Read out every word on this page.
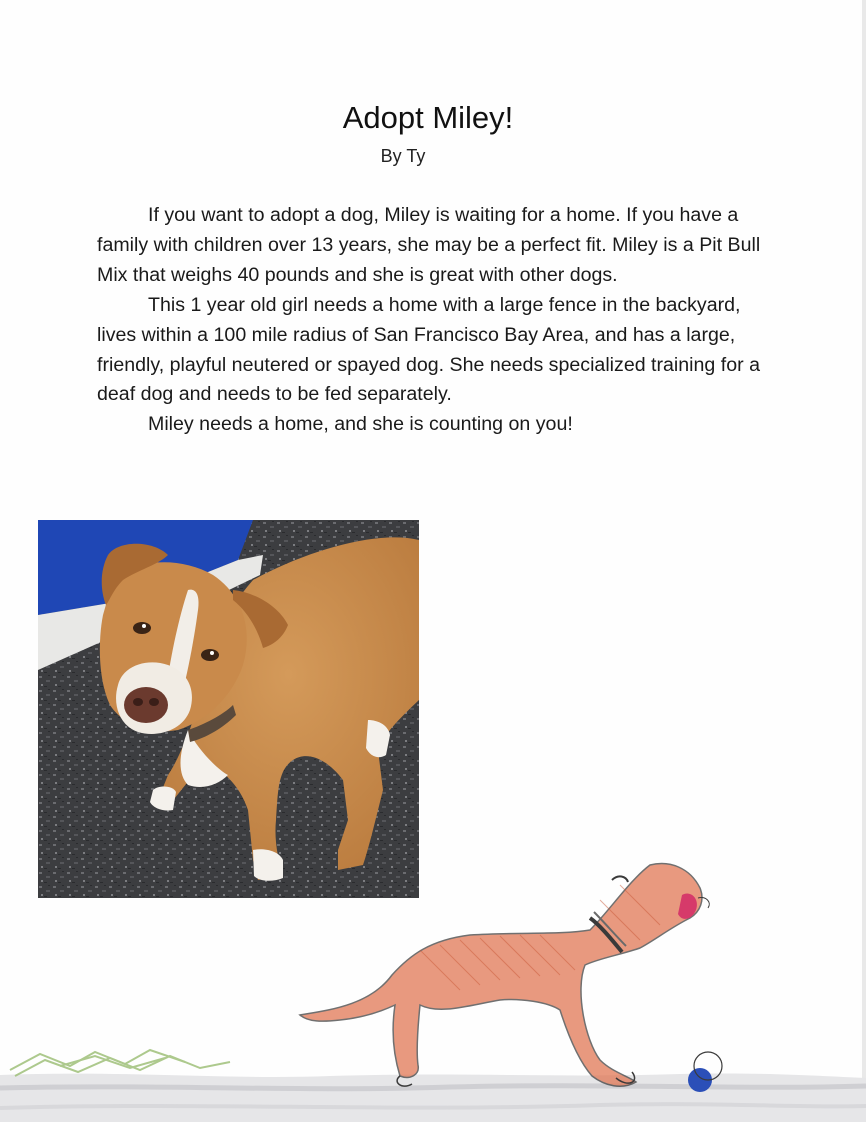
Adopt Miley!
By Ty

If you want to adopt a dog, Miley is waiting for a home. If you have a family with children over 13 years, she may be a perfect fit. Miley is a Pit Bull Mix that weighs 40 pounds and she is great with other dogs.

This 1 year old girl needs a home with a large fence in the backyard, lives within a 100 mile radius of San Francisco Bay Area, and has a large, friendly, playful neutered or spayed dog. She needs specialized training for a deaf dog and needs to be fed separately.

Miley needs a home, and she is counting on you!
